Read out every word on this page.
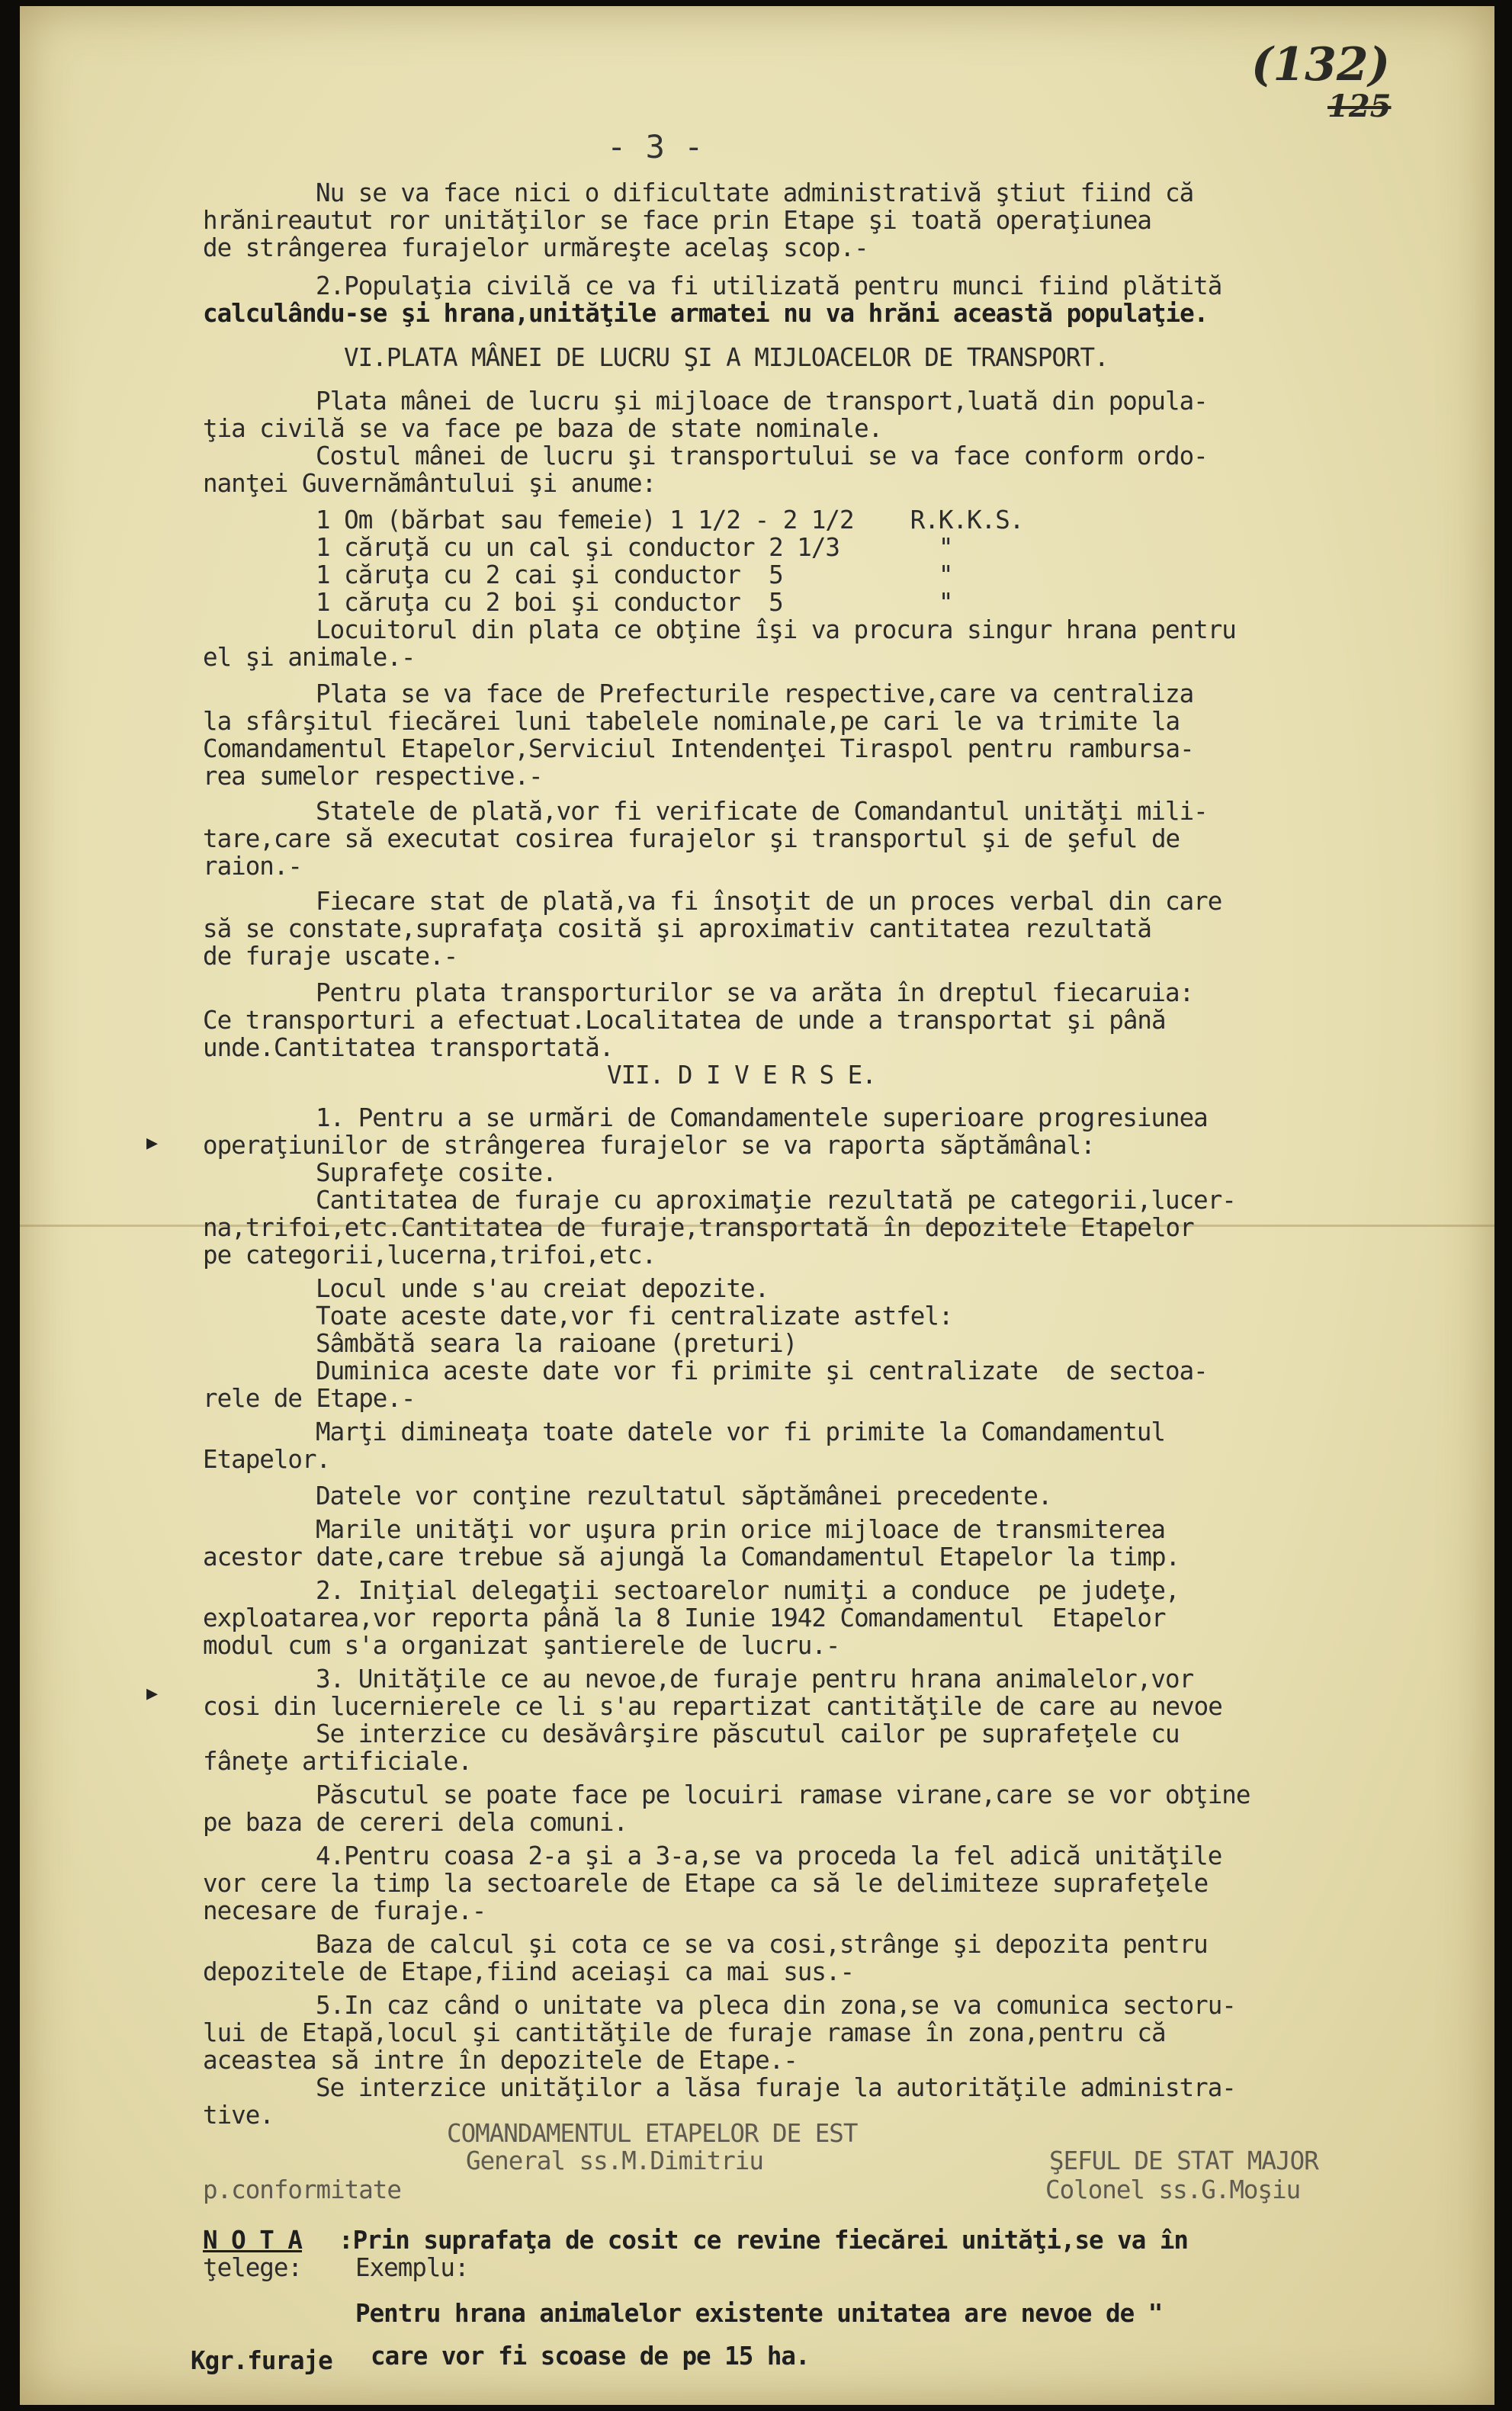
- 3 -
(132)
125
▸
▸
Nu se va face nici o dificultate administrativă ştiut fiind că
hrănireautut ror unităţilor se face prin Etape şi toată operaţiunea
de strângerea furajelor urmăreşte acelaş scop.-
2.Populaţia civilă ce va fi utilizată pentru munci fiind plătită
calculându-se şi hrana,unităţile armatei nu va hrăni această populaţie.
VI.PLATA MÂNEI DE LUCRU ŞI A MIJLOACELOR DE TRANSPORT.
Plata mânei de lucru şi mijloace de transport,luată din popula-
ţia civilă se va face pe baza de state nominale.
Costul mânei de lucru şi transportului se va face conform ordo-
nanţei Guvernământului şi anume:
1 Om (bărbat sau femeie) 1 1/2 - 2 1/2    R.K.K.S.
1 căruţă cu un cal şi conductor 2 1/3       "
1 căruţa cu 2 cai şi conductor  5           "
1 căruţa cu 2 boi şi conductor  5           "
Locuitorul din plata ce obţine îşi va procura singur hrana pentru
el şi animale.-
Plata se va face de Prefecturile respective,care va centraliza
la sfârşitul fiecărei luni tabelele nominale,pe cari le va trimite la
Comandamentul Etapelor,Serviciul Intendenţei Tiraspol pentru rambursa-
rea sumelor respective.-
Statele de plată,vor fi verificate de Comandantul unităţi mili-
tare,care să executat cosirea furajelor şi transportul şi de şeful de
raion.-
Fiecare stat de plată,va fi însoţit de un proces verbal din care
să se constate,suprafaţa cosită şi aproximativ cantitatea rezultată
de furaje uscate.-
Pentru plata transporturilor se va arăta în dreptul fiecaruia:
Ce transporturi a efectuat.Localitatea de unde a transportat şi până
unde.Cantitatea transportată.
VII. D I V E R S E.
1. Pentru a se urmări de Comandamentele superioare progresiunea
operaţiunilor de strângerea furajelor se va raporta săptămânal:
Suprafeţe cosite.
Cantitatea de furaje cu aproximaţie rezultată pe categorii,lucer-
na,trifoi,etc.Cantitatea de furaje,transportată în depozitele Etapelor
pe categorii,lucerna,trifoi,etc.
Locul unde s'au creiat depozite.
Toate aceste date,vor fi centralizate astfel:
Sâmbătă seara la raioane (preturi)
Duminica aceste date vor fi primite şi centralizate  de sectoa-
rele de Etape.-
Marţi dimineaţa toate datele vor fi primite la Comandamentul
Etapelor.
Datele vor conţine rezultatul săptămânei precedente.
Marile unităţi vor uşura prin orice mijloace de transmiterea
acestor date,care trebue să ajungă la Comandamentul Etapelor la timp.
2. Iniţial delegaţii sectoarelor numiţi a conduce  pe judeţe,
exploatarea,vor reporta până la 8 Iunie 1942 Comandamentul  Etapelor
modul cum s'a organizat şantierele de lucru.-
3. Unităţile ce au nevoe,de furaje pentru hrana animalelor,vor
cosi din lucernierele ce li s'au repartizat cantităţile de care au nevoe
Se interzice cu desăvârşire păscutul cailor pe suprafeţele cu
fâneţe artificiale.
Păscutul se poate face pe locuiri ramase virane,care se vor obţine
pe baza de cereri dela comuni.
4.Pentru coasa 2-a şi a 3-a,se va proceda la fel adică unităţile
vor cere la timp la sectoarele de Etape ca să le delimiteze suprafeţele
necesare de furaje.-
Baza de calcul şi cota ce se va cosi,strânge şi depozita pentru
depozitele de Etape,fiind aceiaşi ca mai sus.-
5.In caz când o unitate va pleca din zona,se va comunica sectoru-
lui de Etapă,locul şi cantităţile de furaje ramase în zona,pentru că
aceastea să intre în depozitele de Etape.-
Se interzice unităţilor a lăsa furaje la autorităţile administra-
tive.
COMANDAMENTUL ETAPELOR DE EST
General ss.M.Dimitriu	ŞEFUL DE STAT MAJOR
p.conformitate	Colonel ss.G.Moşiu
N O T A :Prin suprafaţa de cosit ce revine fiecărei unităţi,se va în
ţelege: Exemplu:
Pentru hrana animalelor existente unitatea are nevoe de "
Kgr.furaje care vor fi scoase de pe 15 ha.
